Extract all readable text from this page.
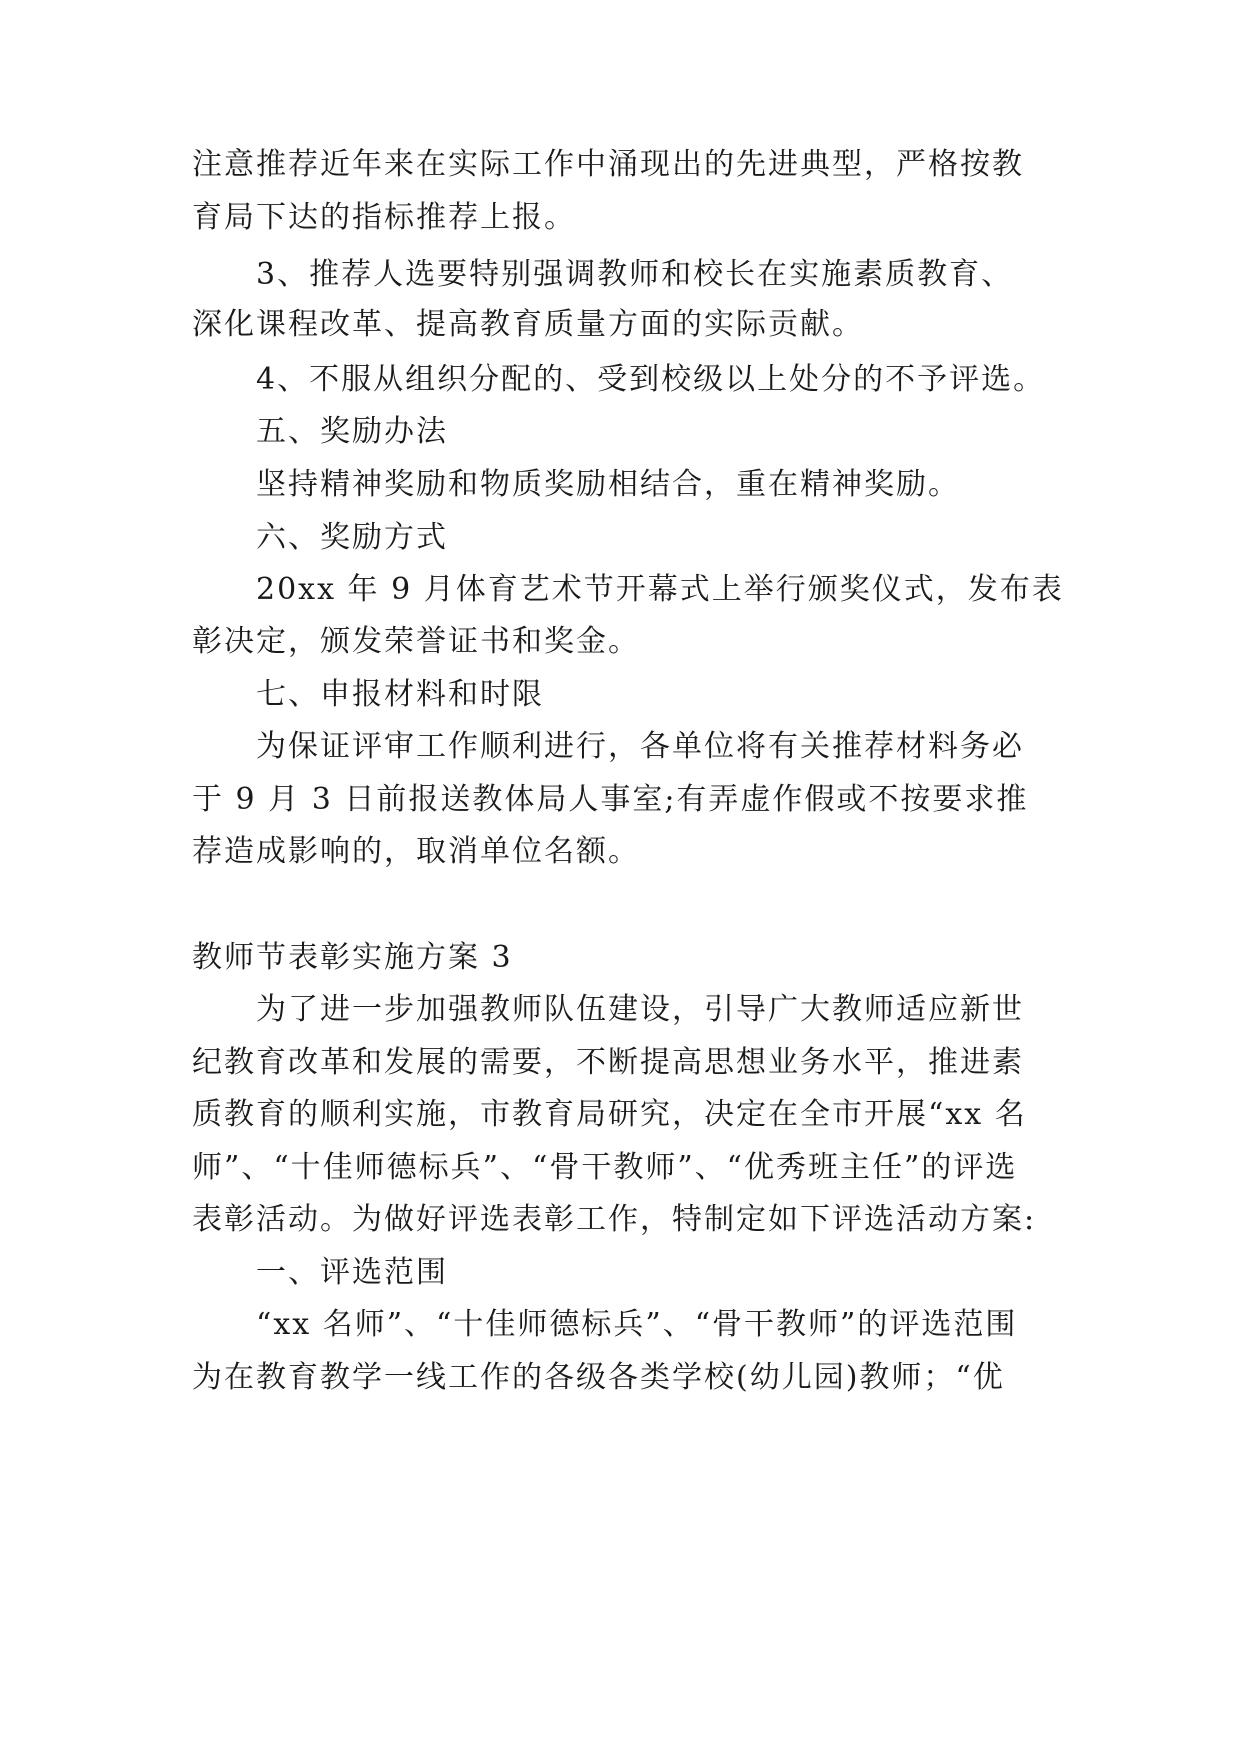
注意推荐近年来在实际工作中涌现出的先进典型，严格按教
育局下达的指标推荐上报。
3、推荐人选要特别强调教师和校长在实施素质教育、
深化课程改革、提高教育质量方面的实际贡献。
4、不服从组织分配的、受到校级以上处分的不予评选。
五、奖励办法
坚持精神奖励和物质奖励相结合，重在精神奖励。
六、奖励方式
20xx 年 9 月体育艺术节开幕式上举行颁奖仪式，发布表
彰决定，颁发荣誉证书和奖金。
七、申报材料和时限
为保证评审工作顺利进行，各单位将有关推荐材料务必
于 9 月 3 日前报送教体局人事室;有弄虚作假或不按要求推
荐造成影响的，取消单位名额。
教师节表彰实施方案 3
为了进一步加强教师队伍建设，引导广大教师适应新世
纪教育改革和发展的需要，不断提高思想业务水平，推进素
质教育的顺利实施，市教育局研究，决定在全市开展“xx 名
师”、“十佳师德标兵”、“骨干教师”、“优秀班主任”的评选
表彰活动。为做好评选表彰工作，特制定如下评选活动方案:
一、评选范围
“xx 名师”、“十佳师德标兵”、“骨干教师”的评选范围
为在教育教学一线工作的各级各类学校(幼儿园)教师；“优
